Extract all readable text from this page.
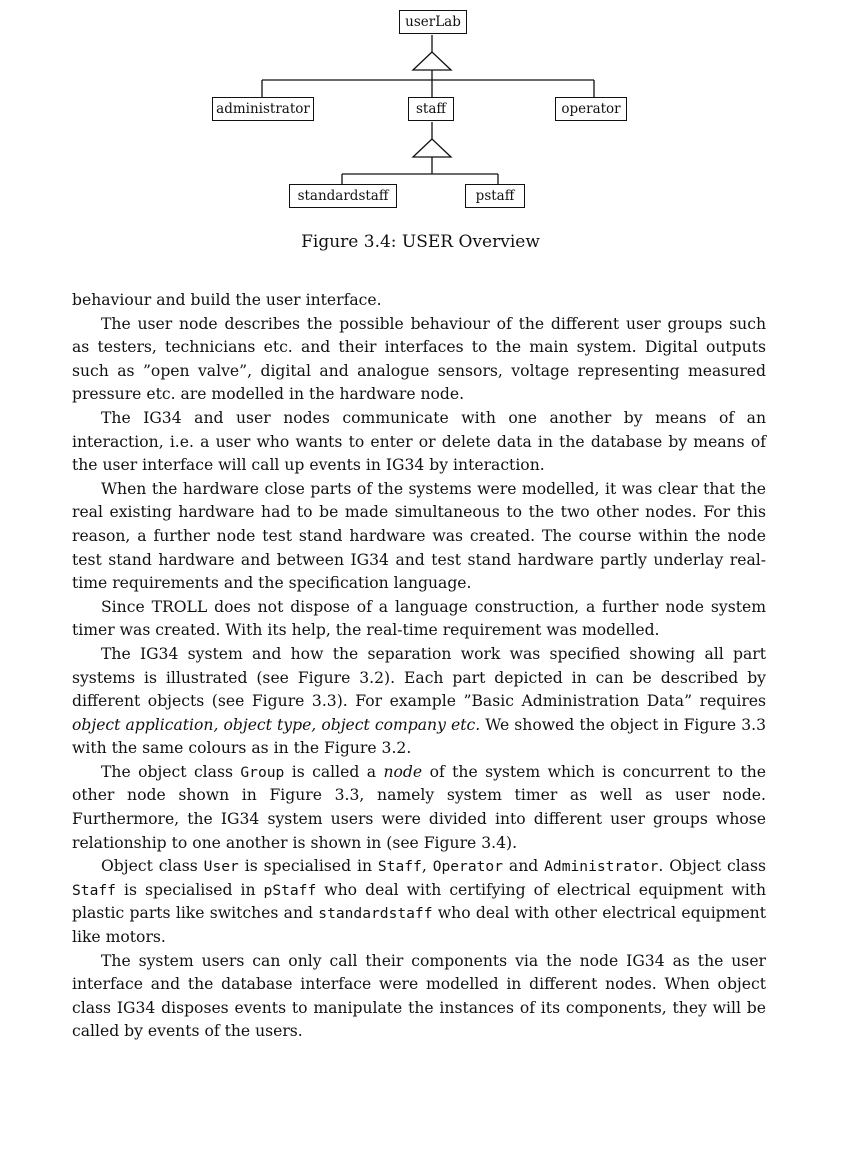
userLab
administrator	staff	operator
standardstaff	pstaff
Figure 3.4: USER Overview

behaviour and build the user interface.

The user node describes the possible behaviour of the different user groups such as testers, technicians etc. and their interfaces to the main system. Digital outputs such as ”open valve”, digital and analogue sensors, voltage representing measured pressure etc. are modelled in the hardware node.

The IG34 and user nodes communicate with one another by means of an interaction, i.e. a user who wants to enter or delete data in the database by means of the user interface will call up events in IG34 by interaction.

When the hardware close parts of the systems were modelled, it was clear that the real existing hardware had to be made simultaneous to the two other nodes. For this reason, a further node test stand hardware was created. The course within the node test stand hardware and between IG34 and test stand hardware partly underlay real-time requirements and the specification language.

Since TROLL does not dispose of a language construction, a further node system timer was created. With its help, the real-time requirement was modelled.

The IG34 system and how the separation work was specified showing all part systems is illustrated (see Figure 3.2). Each part depicted in can be described by different objects (see Figure 3.3). For example ”Basic Administration Data” requires object application, object type, object company etc. We showed the object in Figure 3.3 with the same colours as in the Figure 3.2.

The object class Group is called a node of the system which is concurrent to the other node shown in Figure 3.3, namely system timer as well as user node. Furthermore, the IG34 system users were divided into different user groups whose relationship to one another is shown in (see Figure 3.4).

Object class User is specialised in Staff, Operator and Administrator. Object class Staff is specialised in pStaff who deal with certifying of electrical equipment with plastic parts like switches and standardstaff who deal with other electrical equipment like motors.

The system users can only call their components via the node IG34 as the user interface and the database interface were modelled in different nodes. When object class IG34 disposes events to manipulate the instances of its components, they will be called by events of the users.
